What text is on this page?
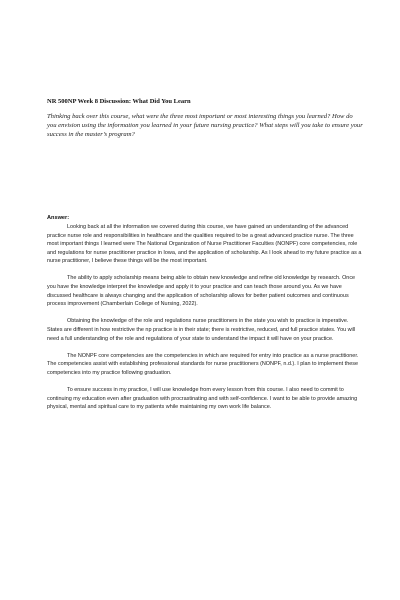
NR 500NP Week 8 Discussion: What Did You Learn

Thinking back over this course, what were the three most important or most interesting things you learned? How do you envision using the information you learned in your future nursing practice? What steps will you take to ensure your success in the master’s program?

Answer:

Looking back at all the information we covered during this course, we have gained an understanding of the advanced practice nurse role and responsibilities in healthcare and the qualities required to be a great advanced practice nurse. The three most important things I learned were The National Organization of Nurse Practitioner Faculties (NONPF) core competencies, role and regulations for nurse practitioner practice in Iowa, and the application of scholarship. As I look ahead to my future practice as a nurse practitioner, I believe these things will be the most important.

The ability to apply scholarship means being able to obtain new knowledge and refine old knowledge by research. Once you have the knowledge interpret the knowledge and apply it to your practice and can teach those around you. As we have discussed healthcare is always changing and the application of scholarship allows for better patient outcomes and continuous process improvement (Chamberlain College of Nursing, 2022).

Obtaining the knowledge of the role and regulations nurse practitioners in the state you wish to practice is imperative. States are different in how restrictive the np practice is in their state; there is restrictive, reduced, and full practice states. You will need a full understanding of the role and regulations of your state to understand the impact it will have on your practice.

The NONPF core competencies are the competencies in which are required for entry into practice as a nurse practitioner. The competencies assist with establishing professional standards for nurse practitioners (NONPF, n.d.). I plan to implement these competencies into my practice following graduation.

To ensure success in my practice, I will use knowledge from every lesson from this course. I also need to commit to continuing my education even after graduation with procrastinating and with self-confidence. I want to be able to provide amazing physical, mental and spiritual care to my patients while maintaining my own work life balance.
